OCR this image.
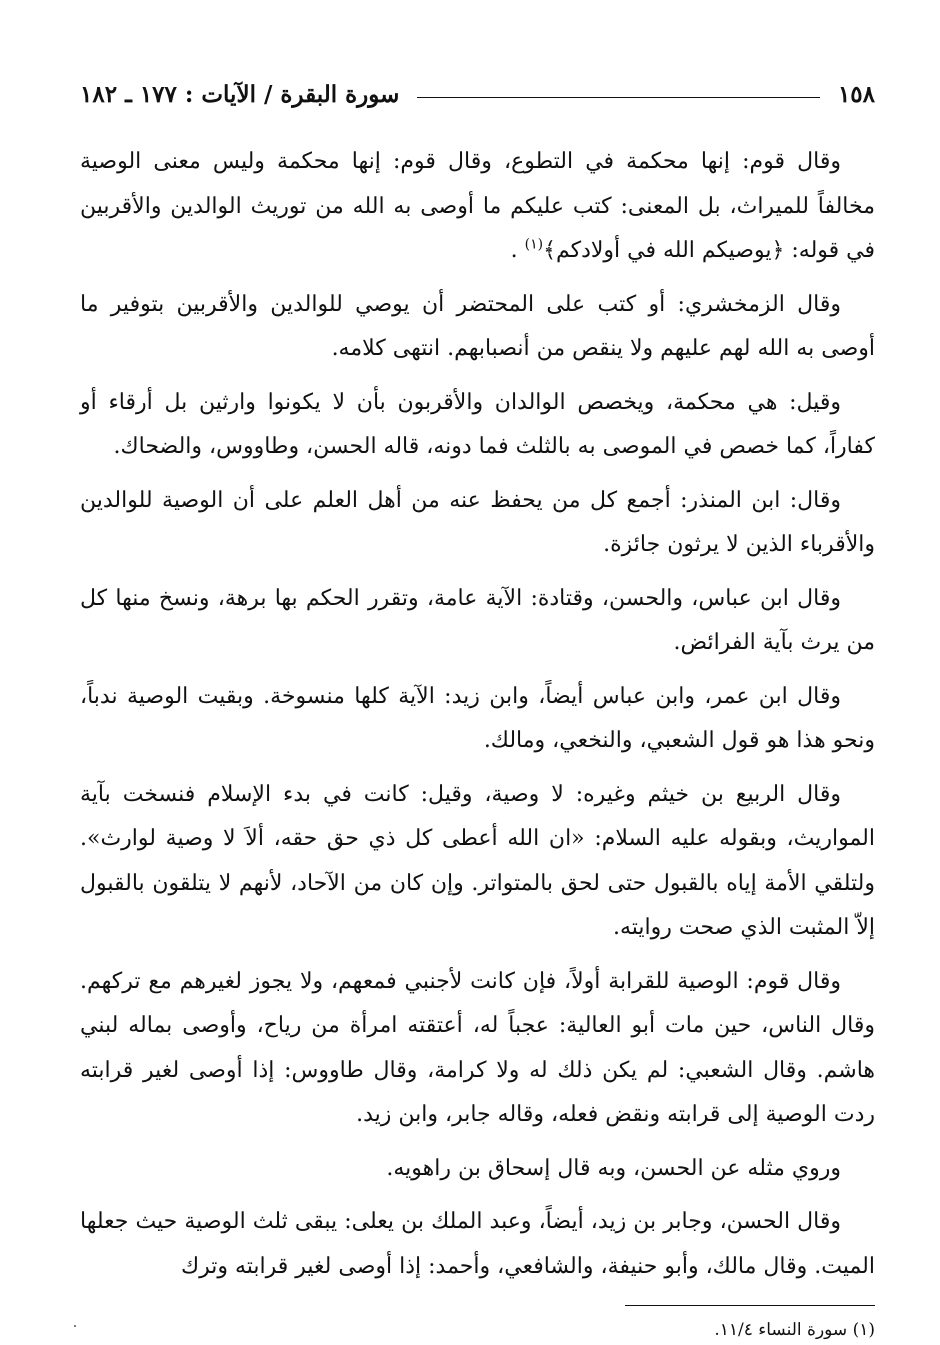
١٥٨
سورة البقرة / الآيات : ١٧٧ ـ ١٨٢

وقال قوم: إنها محكمة في التطوع، وقال قوم: إنها محكمة وليس معنى الوصية مخالفاً للميراث، بل المعنى: كتب عليكم ما أوصى به الله من توريث الوالدين والأقربين في قوله: ﴿يوصيكم الله في أولادكم﴾$^{(١)}$ .

وقال الزمخشري: أو كتب على المحتضر أن يوصي للوالدين والأقربين بتوفير ما أوصى به الله لهم عليهم ولا ينقص من أنصبابهم. انتهى كلامه.

وقيل: هي محكمة، ويخصص الوالدان والأقربون بأن لا يكونوا وارثين بل أرقاء أو كفاراً، كما خصص في الموصى به بالثلث فما دونه، قاله الحسن، وطاووس، والضحاك.

وقال: ابن المنذر: أجمع كل من يحفظ عنه من أهل العلم على أن الوصية للوالدين والأقرباء الذين لا يرثون جائزة.

وقال ابن عباس، والحسن، وقتادة: الآية عامة، وتقرر الحكم بها برهة، ونسخ منها كل من يرث بآية الفرائض.

وقال ابن عمر، وابن عباس أيضاً، وابن زيد: الآية كلها منسوخة. وبقيت الوصية ندباً، ونحو هذا هو قول الشعبي، والنخعي، ومالك.

وقال الربيع بن خيثم وغيره: لا وصية، وقيل: كانت في بدء الإسلام فنسخت بآية المواريث، وبقوله عليه السلام: «ان الله أعطى كل ذي حق حقه، ألاَ لا وصية لوارث». ولتلقي الأمة إياه بالقبول حتى لحق بالمتواتر. وإن كان من الآحاد، لأنهم لا يتلقون بالقبول إلاّ المثبت الذي صحت روايته.

وقال قوم: الوصية للقرابة أولاً، فإن كانت لأجنبي فمعهم، ولا يجوز لغيرهم مع تركهم. وقال الناس، حين مات أبو العالية: عجباً له، أعتقته امرأة من رياح، وأوصى بماله لبني هاشم. وقال الشعبي: لم يكن ذلك له ولا كرامة، وقال طاووس: إذا أوصى لغير قرابته ردت الوصية إلى قرابته ونقض فعله، وقاله جابر، وابن زيد.

وروي مثله عن الحسن، وبه قال إسحاق بن راهويه.

وقال الحسن، وجابر بن زيد، أيضاً، وعبد الملك بن يعلى: يبقى ثلث الوصية حيث جعلها الميت. وقال مالك، وأبو حنيفة، والشافعي، وأحمد: إذا أوصى لغير قرابته وترك

(١) سورة النساء ١١/٤.
